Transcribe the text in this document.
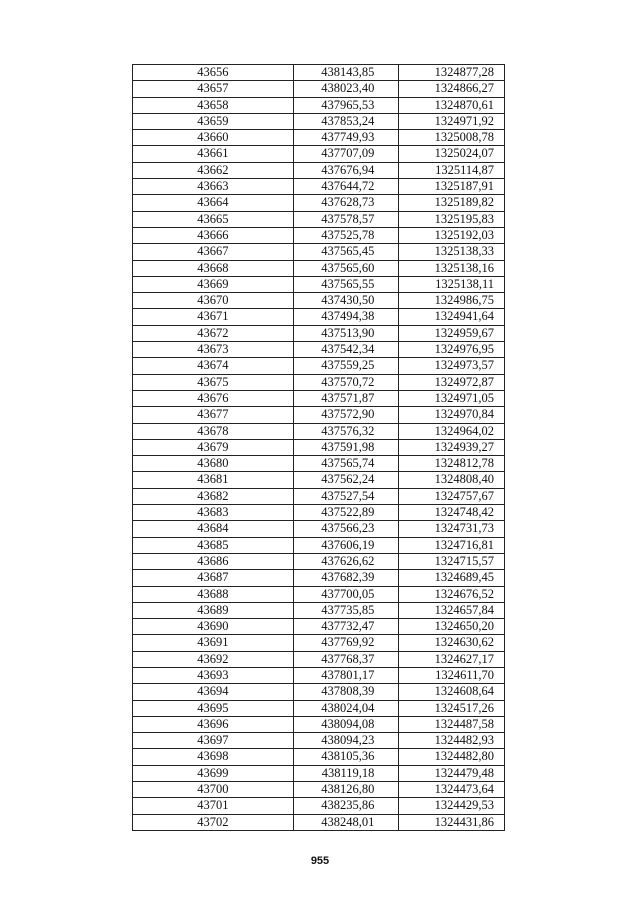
43656	438143,85	1324877,28
43657	438023,40	1324866,27
43658	437965,53	1324870,61
43659	437853,24	1324971,92
43660	437749,93	1325008,78
43661	437707,09	1325024,07
43662	437676,94	1325114,87
43663	437644,72	1325187,91
43664	437628,73	1325189,82
43665	437578,57	1325195,83
43666	437525,78	1325192,03
43667	437565,45	1325138,33
43668	437565,60	1325138,16
43669	437565,55	1325138,11
43670	437430,50	1324986,75
43671	437494,38	1324941,64
43672	437513,90	1324959,67
43673	437542,34	1324976,95
43674	437559,25	1324973,57
43675	437570,72	1324972,87
43676	437571,87	1324971,05
43677	437572,90	1324970,84
43678	437576,32	1324964,02
43679	437591,98	1324939,27
43680	437565,74	1324812,78
43681	437562,24	1324808,40
43682	437527,54	1324757,67
43683	437522,89	1324748,42
43684	437566,23	1324731,73
43685	437606,19	1324716,81
43686	437626,62	1324715,57
43687	437682,39	1324689,45
43688	437700,05	1324676,52
43689	437735,85	1324657,84
43690	437732,47	1324650,20
43691	437769,92	1324630,62
43692	437768,37	1324627,17
43693	437801,17	1324611,70
43694	437808,39	1324608,64
43695	438024,04	1324517,26
43696	438094,08	1324487,58
43697	438094,23	1324482,93
43698	438105,36	1324482,80
43699	438119,18	1324479,48
43700	438126,80	1324473,64
43701	438235,86	1324429,53
43702	438248,01	1324431,86
955
